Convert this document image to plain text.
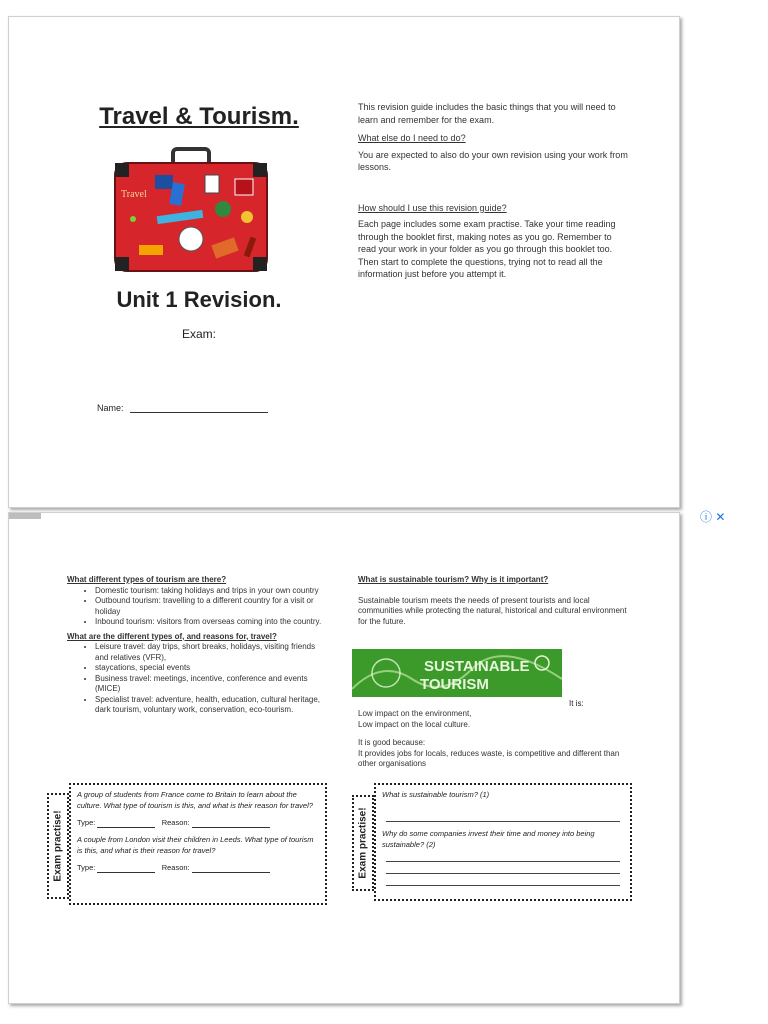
Travel & Tourism.
Travel
Unit 1 Revision.
Exam:
Name:

This revision guide includes the basic things that you will need to learn and remember for the exam.

What else do I need to do?

You are expected to also do your own revision using your work from lessons.

How should I use this revision guide?

Each page includes some exam practise. Take your time reading through the booklet first, making notes as you go. Remember to read your work in your folder as you go through this booklet too. Then start to complete the questions, trying not to read all the information just before you attempt it.

What different types of tourism are there?
• Domestic tourism: taking holidays and trips in your own country
• Outbound tourism: travelling to a different country for a visit or holiday
• Inbound tourism: visitors from overseas coming into the country.
What are the different types of, and reasons for, travel?
• Leisure travel: day trips, short breaks, holidays, visiting friends and relatives (VFR),
• staycations, special events
• Business travel: meetings, incentive, conference and events (MICE)
• Specialist travel: adventure, health, education, cultural heritage, dark tourism, voluntary work, conservation, eco-tourism.
Exam practise!
A group of students from France come to Britain to learn about the culture. What type of tourism is this, and what is their reason for travel?
Type:	Reason:
A couple from London visit their children in Leeds. What type of tourism is this, and what is their reason for travel?
Type:	Reason:
What is sustainable tourism? Why is it important?

Sustainable tourism meets the needs of present tourists and local communities while protecting the natural, historical and cultural environment for the future.

SUSTAINABLE
TOURISM
It is:
Low impact on the environment,
Low impact on the local culture.
It is good because:
It provides jobs for locals, reduces waste, is competitive and different than other organisations
Exam practise!
What is sustainable tourism? (1)
Why do some companies invest their time and money into being sustainable? (2)
ⓘ ✕
